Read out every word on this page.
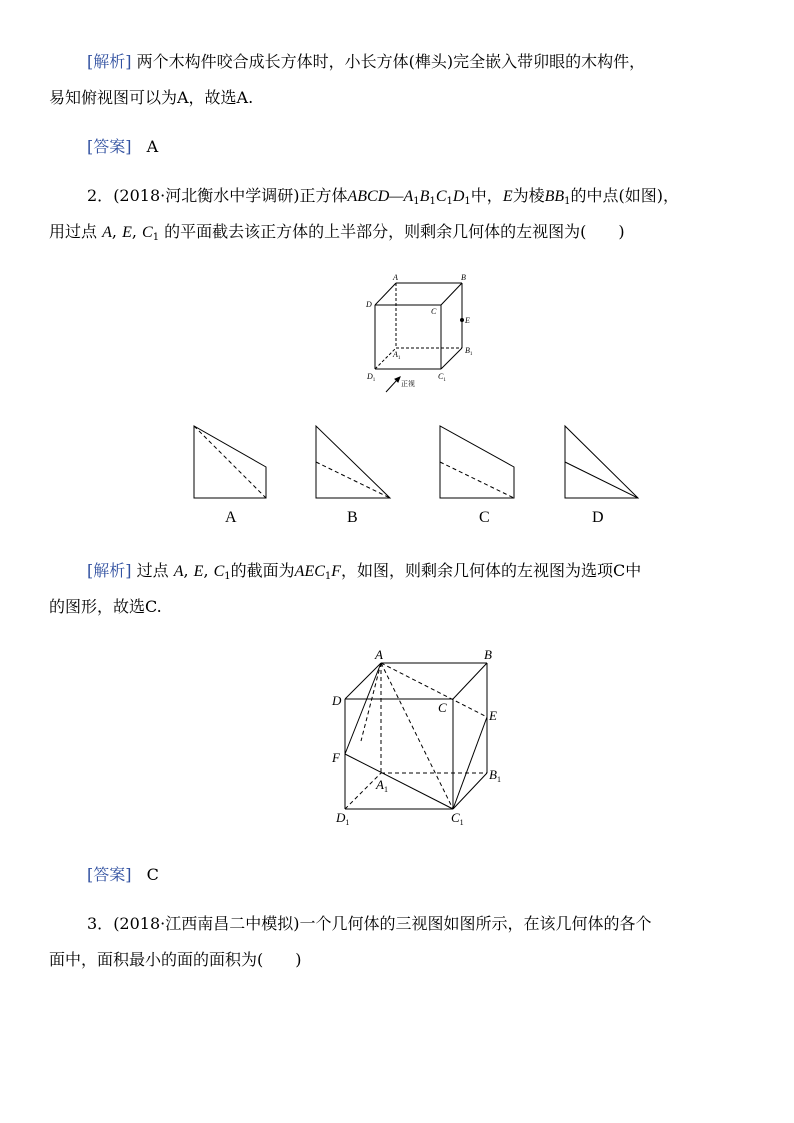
[解析] 两个木构件咬合成长方体时，小长方体(榫头)完全嵌入带卯眼的木构件，
易知俯视图可以为A，故选A.
[答案] A
2．(2018·河北衡水中学调研)正方体$ABCD—A_1B_1C_1D_1$中，E为棱$BB_1$的中点(如图)，
用过点 A, E, $C_1$ 的平面截去该正方体的上半部分，则剩余几何体的左视图为(　　)
A	B
C
D
E
$A_1$
$B_1$
$C_1$
$D_1$	正视
A	B
C
D
E
F
$A_1$
$B_1$
$C_1$
$D_1$
A	B	C	D
[解析] 过点 A, E, $C_1$的截面为$AEC_1F$，如图，则剩余几何体的左视图为选项C中
的图形，故选C.
[答案] C
3．(2018·江西南昌二中模拟)一个几何体的三视图如图所示，在该几何体的各个
面中，面积最小的面的面积为(　　)
